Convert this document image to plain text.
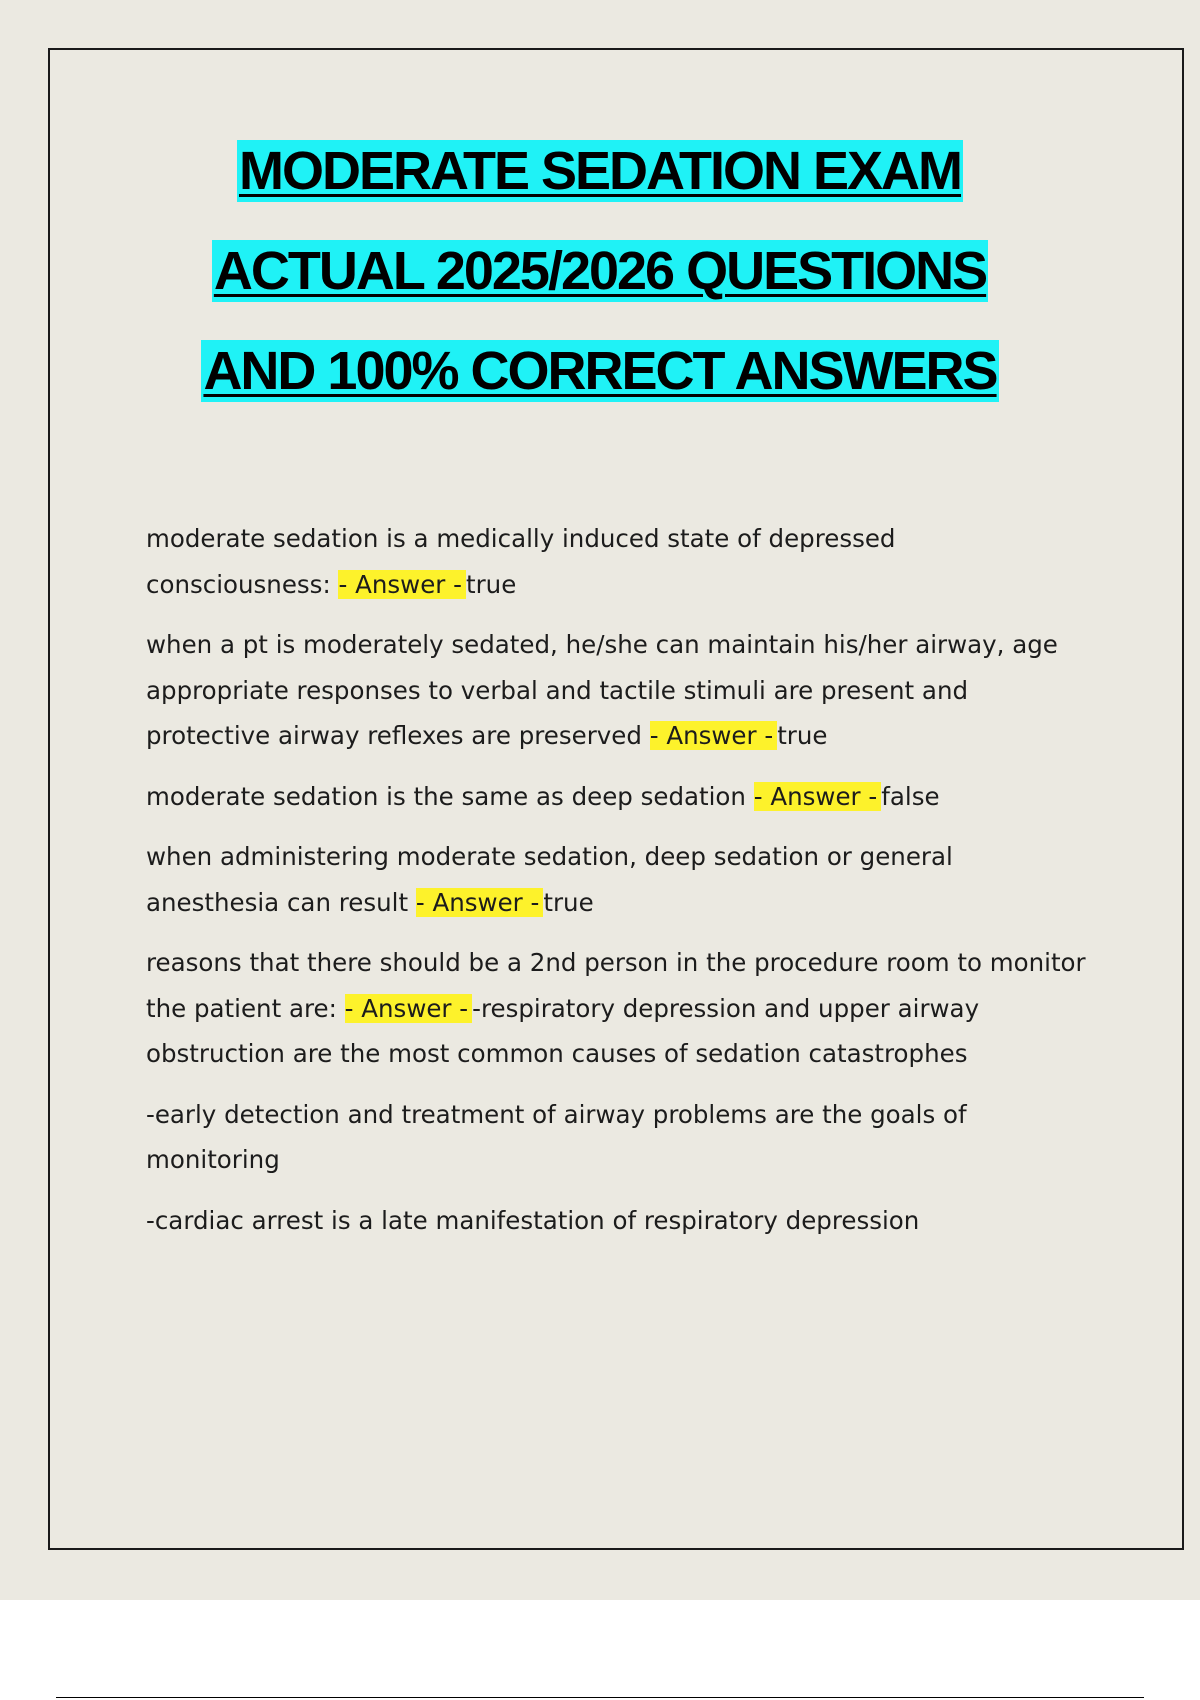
MODERATE SEDATION EXAM
ACTUAL 2025/2026 QUESTIONS
AND 100% CORRECT ANSWERS

moderate sedation is a medically induced state of depressed consciousness: - Answer - true

when a pt is moderately sedated, he/she can maintain his/her airway, age appropriate responses to verbal and tactile stimuli are present and protective airway reflexes are preserved - Answer - true

moderate sedation is the same as deep sedation - Answer - false

when administering moderate sedation, deep sedation or general anesthesia can result - Answer - true

reasons that there should be a 2nd person in the procedure room to monitor the patient are: - Answer - -respiratory depression and upper airway obstruction are the most common causes of sedation catastrophes

-early detection and treatment of airway problems are the goals of monitoring

-cardiac arrest is a late manifestation of respiratory depression
